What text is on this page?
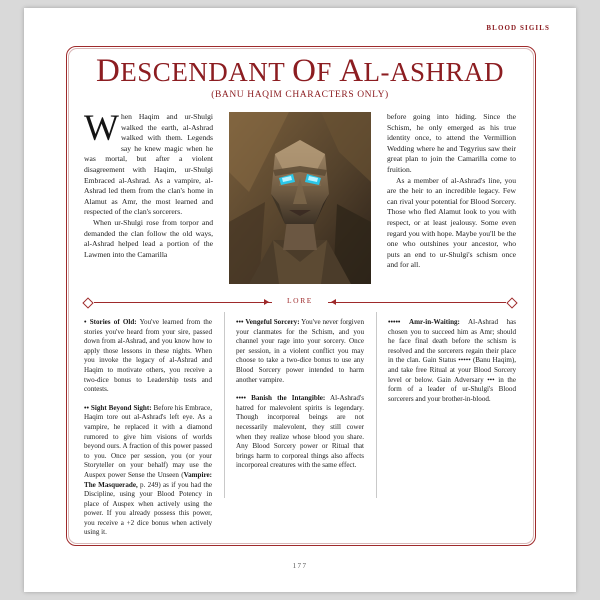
BLOOD SIGILS
DESCENDANT OF AL-ASHRAD
(BANU HAQIM CHARACTERS ONLY)

When Haqim and ur-Shulgi walked the earth, al-Ashrad walked with them. Legends say he knew magic when he was mortal, but after a violent disagreement with Haqim, ur-Shulgi Embraced al-Ashrad. As a vampire, al-Ashrad led them from the clan's home in Alamut as Amr, the most learned and respected of the clan's sorcerers.

When ur-Shulgi rose from torpor and demanded the clan follow the old ways, al-Ashrad helped lead a portion of the Lawmen into the Camarilla

before going into hiding. Since the Schism, he only emerged as his true identity once, to attend the Vermillion Wedding where he and Tegyrius saw their great plan to join the Camarilla come to fruition.

As a member of al-Ashrad's line, you are the heir to an incredible legacy. Few can rival your potential for Blood Sorcery. Those who fled Alamut look to you with respect, or at least jealousy. Some even regard you with hope. Maybe you'll be the one who outshines your ancestor, who puts an end to ur-Shulgi's schism once and for all.

LORE

• Stories of Old: You've learned from the stories you've heard from your sire, passed down from al-Ashrad, and you know how to apply those lessons in these nights. When you invoke the legacy of al-Ashrad and Haqim to motivate others, you receive a two-dice bonus to Leadership tests and contests.

•• Sight Beyond Sight: Before his Embrace, Haqim tore out al-Ashrad's left eye. As a vampire, he replaced it with a diamond rumored to give him visions of worlds beyond ours. A fraction of this power passed to you. Once per session, you (or your Storyteller on your behalf) may use the Auspex power Sense the Unseen (Vampire: The Masquerade, p. 249) as if you had the Discipline, using your Blood Potency in place of Auspex when actively using the power. If you already possess this power, you receive a +2 dice bonus when actively using it.

••• Vengeful Sorcery: You've never forgiven your clanmates for the Schism, and you channel your rage into your sorcery. Once per session, in a violent conflict you may choose to take a two-dice bonus to use any Blood Sorcery power intended to harm another vampire.

•••• Banish the Intangible: Al-Ashrad's hatred for malevolent spirits is legendary. Though incorporeal beings are not necessarily malevolent, they still cower when they realize whose blood you share. Any Blood Sorcery power or Ritual that brings harm to corporeal things also affects incorporeal creatures with the same effect.

••••• Amr-in-Waiting: Al-Ashrad has chosen you to succeed him as Amr; should he face final death before the schism is resolved and the sorcerers regain their place in the clan. Gain Status ••••• (Banu Haqim), and take free Ritual at your Blood Sorcery level or below. Gain Adversary ••• in the form of a leader of ur-Shulgi's Blood sorcerers and your brother-in-blood.

177
